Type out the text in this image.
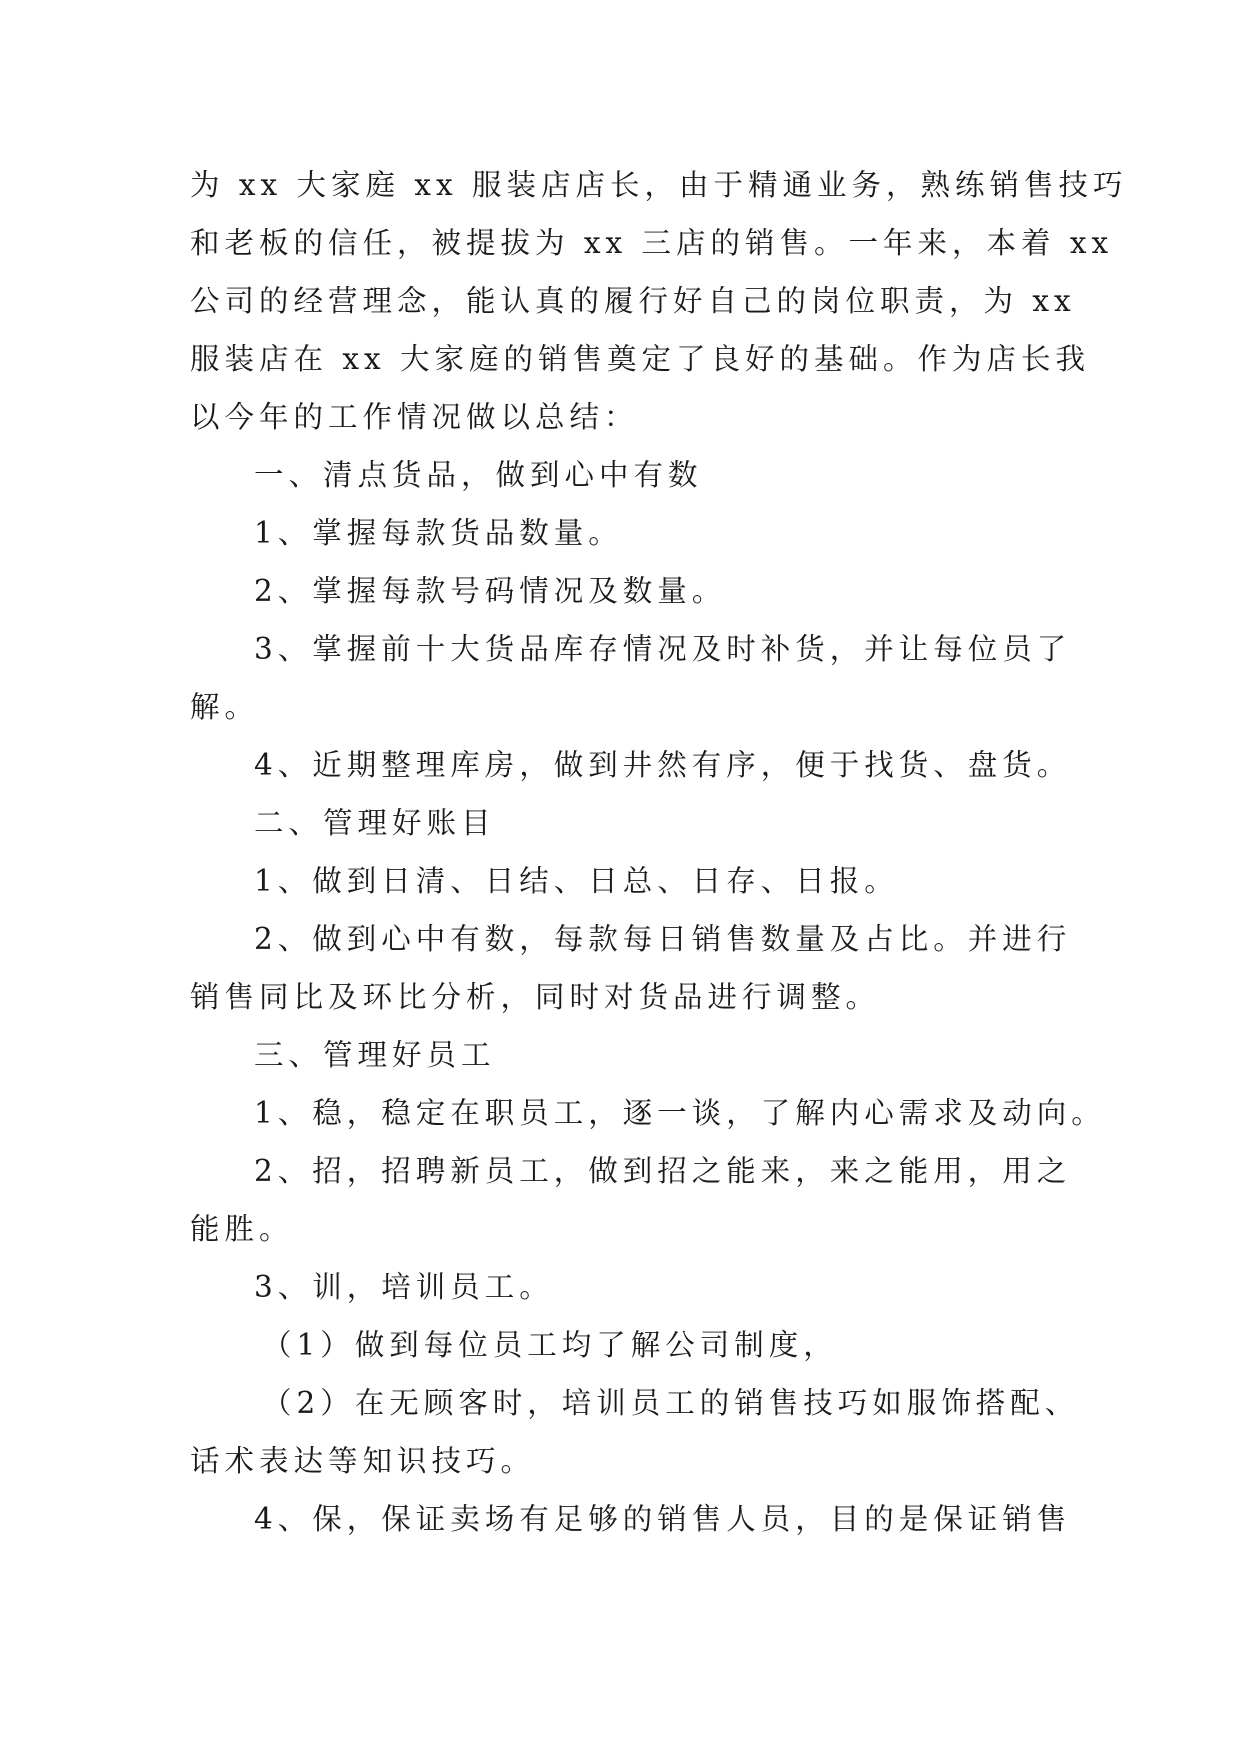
为 xx 大家庭 xx 服装店店长，由于精通业务，熟练销售技巧
和老板的信任，被提拔为 xx 三店的销售。一年来，本着 xx
公司的经营理念，能认真的履行好自己的岗位职责，为 xx
服装店在 xx 大家庭的销售奠定了良好的基础。作为店长我
以今年的工作情况做以总结：
一、清点货品，做到心中有数
1、掌握每款货品数量。
2、掌握每款号码情况及数量。
3、掌握前十大货品库存情况及时补货，并让每位员了
解。
4、近期整理库房，做到井然有序，便于找货、盘货。
二、管理好账目
1、做到日清、日结、日总、日存、日报。
2、做到心中有数，每款每日销售数量及占比。并进行
销售同比及环比分析，同时对货品进行调整。
三、管理好员工
1、稳，稳定在职员工，逐一谈，了解内心需求及动向。
2、招，招聘新员工，做到招之能来，来之能用，用之
能胜。
3、训，培训员工。
（1）做到每位员工均了解公司制度，
（2）在无顾客时，培训员工的销售技巧如服饰搭配、
话术表达等知识技巧。
4、保，保证卖场有足够的销售人员，目的是保证销售
